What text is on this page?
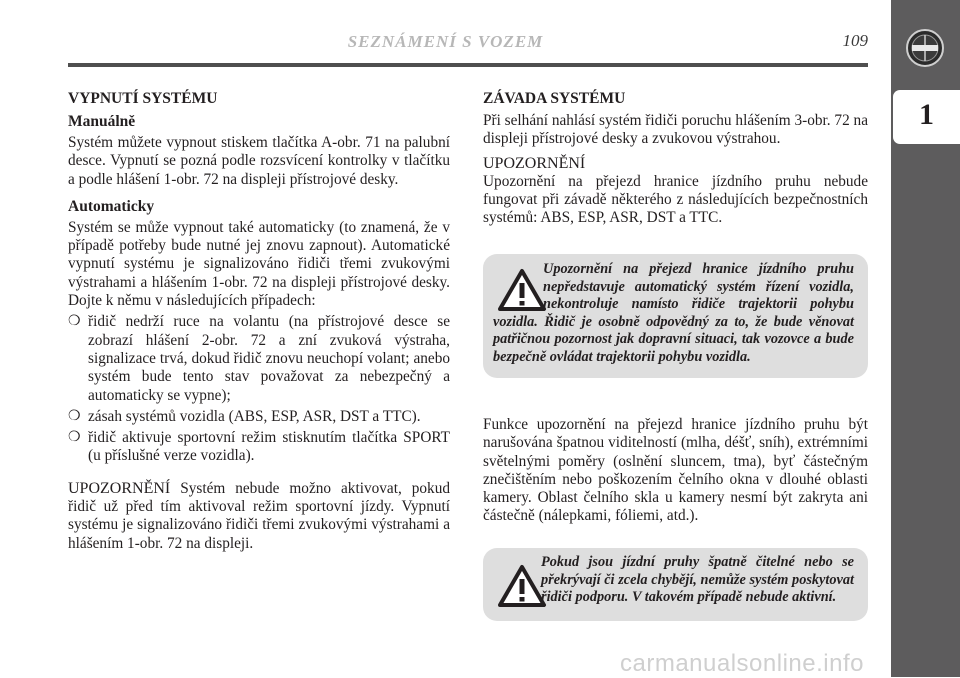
1
SEZNÁMENÍ S VOZEM	109
VYPNUTÍ SYSTÉMU
Manuálně

Systém můžete vypnout stiskem tlačítka A-obr. 71 na palubní desce. Vypnutí se pozná podle rozsvícení kontrolky v tlačítku a podle hlášení 1-obr. 72 na displeji přístrojové desky.

Automaticky

Systém se může vypnout také automaticky (to znamená, že v případě potřeby bude nutné jej znovu zapnout). Automatické vypnutí systému je signalizováno řidiči třemi zvukovými výstrahami a hlášením 1-obr. 72 na displeji přístrojové desky. Dojte k němu v následujících případech:

❍ řidič nedrží ruce na volantu (na přístrojové desce se zobrazí hlášení 2-obr. 72 a zní zvuková výstraha, signalizace trvá, dokud řidič znovu neuchopí volant; anebo systém bude tento stav považovat za nebezpečný a automaticky se vypne);
❍ zásah systémů vozidla (ABS, ESP, ASR, DST a TTC).
❍ řidič aktivuje sportovní režim stisknutím tlačítka SPORT (u příslušné verze vozidla).

UPOZORNĚNÍ Systém nebude možno aktivovat, pokud řidič už před tím aktivoval režim sportovní jízdy. Vypnutí systému je signalizováno řidiči třemi zvukovými výstrahami a hlášením 1-obr. 72 na displeji.

ZÁVADA SYSTÉMU

Při selhání nahlásí systém řidiči poruchu hlášením 3-obr. 72 na displeji přístrojové desky a zvukovou výstrahou.

UPOZORNĚNÍ

Upozornění na přejezd hranice jízdního pruhu nebude fungovat při závadě některého z následujících bezpečnostních systémů: ABS, ESP, ASR, DST a TTC.

Upozornění na přejezd hranice jízdního pruhu nepředstavuje automatický systém řízení vozidla, nekontroluje namísto řidiče trajektorii pohybu vozidla. Řidič je osobně odpovědný za to, že bude věnovat patřičnou pozornost jak dopravní situaci, tak vozovce a bude bezpečně ovládat trajektorii pohybu vozidla.

Funkce upozornění na přejezd hranice jízdního pruhu být narušována špatnou viditelností (mlha, déšť, sníh), extrémními světelnými poměry (oslnění sluncem, tma), byť částečným znečištěním nebo poškozením čelního okna v dlouhé oblasti kamery. Oblast čelního skla u kamery nesmí být zakryta ani částečně (nálepkami, fóliemi, atd.).

Pokud jsou jízdní pruhy špatně čitelné nebo se překrývají či zcela chybějí, nemůže systém poskytovat řidiči podporu. V takovém případě nebude aktivní.
carmanualsonline.info
